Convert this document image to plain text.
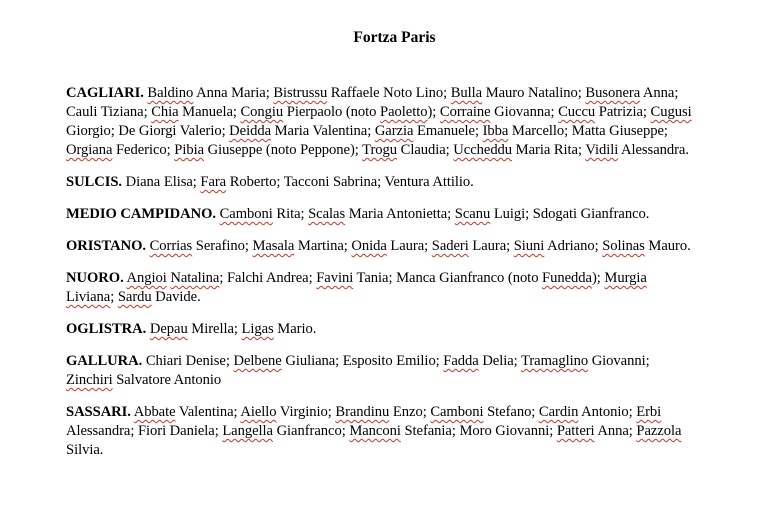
Fortza Paris
CAGLIARI. Baldino Anna Maria; Bistrussu Raffaele Noto Lino; Bulla Mauro Natalino; Busonera Anna;
Cauli Tiziana; Chia Manuela; Congiu Pierpaolo (noto Paoletto); Corraine Giovanna; Cuccu Patrizia; Cugusi
Giorgio; De Giorgi Valerio; Deidda Maria Valentina; Garzia Emanuele; Ibba Marcello; Matta Giuseppe;
Orgiana Federico; Pibia Giuseppe (noto Peppone); Trogu Claudia; Uccheddu Maria Rita; Vidili Alessandra.
SULCIS. Diana Elisa; Fara Roberto; Tacconi Sabrina; Ventura Attilio.
MEDIO CAMPIDANO. Camboni Rita; Scalas Maria Antonietta; Scanu Luigi; Sdogati Gianfranco.
ORISTANO. Corrias Serafino; Masala Martina; Onida Laura; Saderi Laura; Siuni Adriano; Solinas Mauro.
NUORO. Angioi Natalina; Falchi Andrea; Favini Tania; Manca Gianfranco (noto Funedda); Murgia
Liviana; Sardu Davide.
OGLISTRA. Depau Mirella; Ligas Mario.
GALLURA. Chiari Denise; Delbene Giuliana; Esposito Emilio; Fadda Delia; Tramaglino Giovanni;
Zinchiri Salvatore Antonio
SASSARI. Abbate Valentina; Aiello Virginio; Brandinu Enzo; Camboni Stefano; Cardin Antonio; Erbi
Alessandra; Fiori Daniela; Langella Gianfranco; Manconi Stefania; Moro Giovanni; Patteri Anna; Pazzola
Silvia.
